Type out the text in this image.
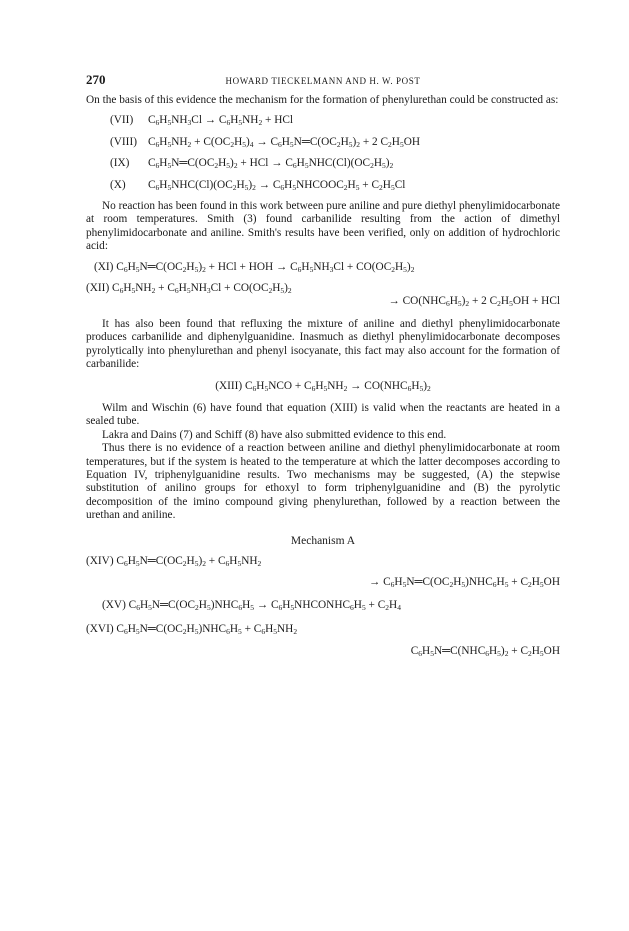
270	HOWARD TIECKELMANN AND H. W. POST

On the basis of this evidence the mechanism for the formation of phenylurethan could be constructed as:

(VII) $C_6H_5NH_3Cl \to C_6H_5NH_2$ + HCl
(VIII) $C_6H_5NH_2 + C(OC_2H_5)_4$ → $C_6H_5N═C(OC_2H_5)_2 + 2$ $C_2H_5OH$
(IX) $C_6H_5N═C(OC_2H_5)_2$ + HCl → $C_6H_5NHC(Cl)(OC_2H_5)_2$
(X) $C_6H_5NHC(Cl)(OC_2H_5)_2$ → $C_6H_5NHCOOC_2H_5 + C_2H_5Cl$

No reaction has been found in this work between pure aniline and pure diethyl phenylimidocarbonate at room temperatures. Smith (3) found carbanilide resulting from the action of dimethyl phenylimidocarbonate and aniline. Smith's results have been verified, only on addition of hydrochloric acid:

(XI) $C_6H_5N═C(OC_2H_5)_2$ + HCl + HOH → $C_6H_5NH_3Cl + CO(OC_2H_5)_2$
(XII) $C_6H_5NH_2 + C_6H_5NH_3Cl + CO(OC_2H_5)_2$
→ $CO(NHC_6H_5)_2 + 2$ $C_2H_5OH$ + HCl

It has also been found that refluxing the mixture of aniline and diethyl phenylimidocarbonate produces carbanilide and diphenylguanidine. Inasmuch as diethyl phenylimidocarbonate decomposes pyrolytically into phenylurethan and phenyl isocyanate, this fact may also account for the formation of carbanilide:

(XIII) $C_6H_5NCO + C_6H_5NH_2 \to CO(NHC_6H_5)_2$

Wilm and Wischin (6) have found that equation (XIII) is valid when the reactants are heated in a sealed tube.

Lakra and Dains (7) and Schiff (8) have also submitted evidence to this end.

Thus there is no evidence of a reaction between aniline and diethyl phenylimidocarbonate at room temperatures, but if the system is heated to the temperature at which the latter decomposes according to Equation IV, triphenylguanidine results. Two mechanisms may be suggested, (A) the stepwise substitution of anilino groups for ethoxyl to form triphenylguanidine and (B) the pyrolytic decomposition of the imino compound giving phenylurethan, followed by a reaction between the urethan and aniline.

Mechanism A
(XIV) $C_6H_5N═C(OC_2H_5)_2 + C_6H_5NH_2$
→ $C_6H_5N═C(OC_2H_5)NHC_6H_5 + C_2H_5OH$
(XV) $C_6H_5N═C(OC_2H_5)NHC_6H_5$ → $C_6H_5NHCONHC_6H_5 + C_2H_4$
(XVI) $C_6H_5N═C(OC_2H_5)NHC_6H_5 + C_6H_5NH_2$
$C_6H_5N═C(NHC_6H_5)_2 + C_2H_5OH$
